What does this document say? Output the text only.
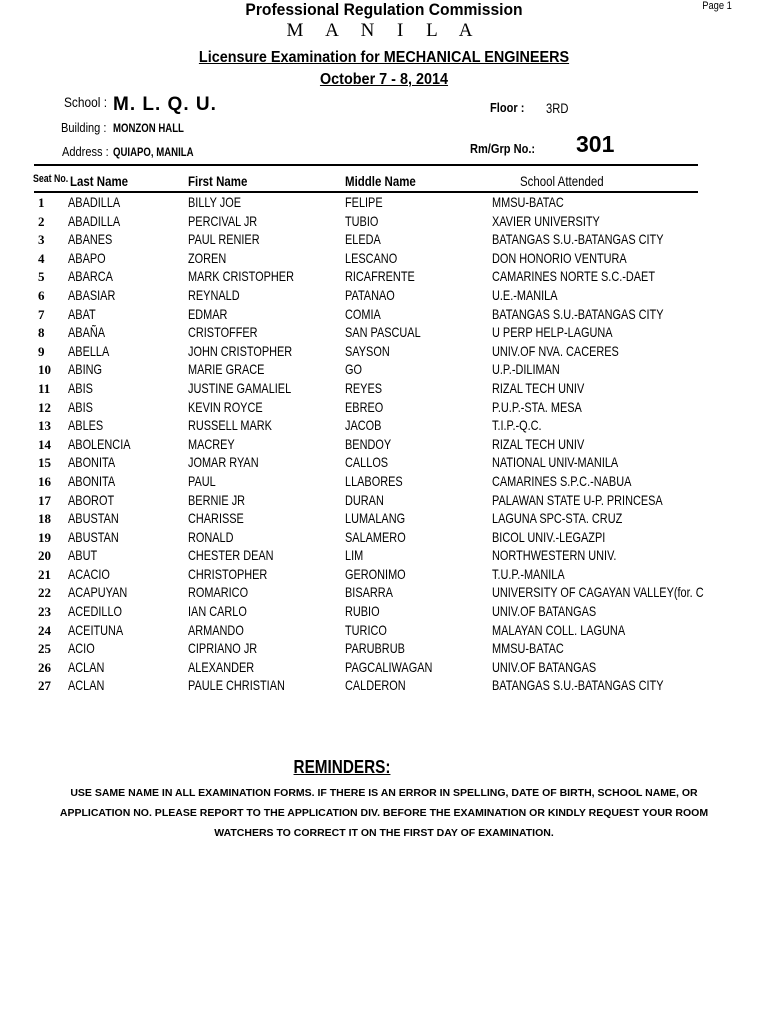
Page 1
Professional Regulation Commission
M A N I L A
Licensure Examination for MECHANICAL ENGINEERS
October 7 - 8, 2014
School : M. L. Q. U.
Building : MONZON HALL
Address : QUIAPO, MANILA
Floor : 3RD
Rm/Grp No.: 301
Seat No. Last Name	First Name	Middle Name	School Attended
1 ABADILLA	BILLY JOE	FELIPE	MMSU-BATAC
2 ABADILLA	PERCIVAL JR	TUBIO	XAVIER UNIVERSITY
3 ABANES	PAUL RENIER	ELEDA	BATANGAS S.U.-BATANGAS CITY
4 ABAPO	ZOREN	LESCANO	DON HONORIO VENTURA
5 ABARCA	MARK CRISTOPHER	RICAFRENTE	CAMARINES NORTE S.C.-DAET
6 ABASIAR	REYNALD	PATANAO	U.E.-MANILA
7 ABAT	EDMAR	COMIA	BATANGAS S.U.-BATANGAS CITY
8 ABAÑA	CRISTOFFER	SAN PASCUAL	U PERP HELP-LAGUNA
9 ABELLA	JOHN CRISTOPHER	SAYSON	UNIV.OF NVA. CACERES
10 ABING	MARIE GRACE	GO	U.P.-DILIMAN
11 ABIS	JUSTINE GAMALIEL	REYES	RIZAL TECH UNIV
12 ABIS	KEVIN ROYCE	EBREO	P.U.P.-STA. MESA
13 ABLES	RUSSELL MARK	JACOB	T.I.P.-Q.C.
14 ABOLENCIA	MACREY	BENDOY	RIZAL TECH UNIV
15 ABONITA	JOMAR RYAN	CALLOS	NATIONAL UNIV-MANILA
16 ABONITA	PAUL	LLABORES	CAMARINES S.P.C.-NABUA
17 ABOROT	BERNIE JR	DURAN	PALAWAN STATE U-P. PRINCESA
18 ABUSTAN	CHARISSE	LUMALANG	LAGUNA SPC-STA. CRUZ
19 ABUSTAN	RONALD	SALAMERO	BICOL UNIV.-LEGAZPI
20 ABUT	CHESTER DEAN	LIM	NORTHWESTERN UNIV.
21 ACACIO	CHRISTOPHER	GERONIMO	T.U.P.-MANILA
22 ACAPUYAN	ROMARICO	BISARRA	UNIVERSITY OF CAGAYAN VALLEY(for. C
23 ACEDILLO	IAN CARLO	RUBIO	UNIV.OF BATANGAS
24 ACEITUNA	ARMANDO	TURICO	MALAYAN COLL. LAGUNA
25 ACIO	CIPRIANO JR	PARUBRUB	MMSU-BATAC
26 ACLAN	ALEXANDER	PAGCALIWAGAN	UNIV.OF BATANGAS
27 ACLAN	PAULE CHRISTIAN	CALDERON	BATANGAS S.U.-BATANGAS CITY
REMINDERS:
USE SAME NAME IN ALL EXAMINATION FORMS. IF THERE IS AN ERROR IN SPELLING, DATE OF BIRTH, SCHOOL NAME, OR APPLICATION NO. PLEASE REPORT TO THE APPLICATION DIV. BEFORE THE EXAMINATION OR KINDLY REQUEST YOUR ROOM WATCHERS TO CORRECT IT ON THE FIRST DAY OF EXAMINATION.
